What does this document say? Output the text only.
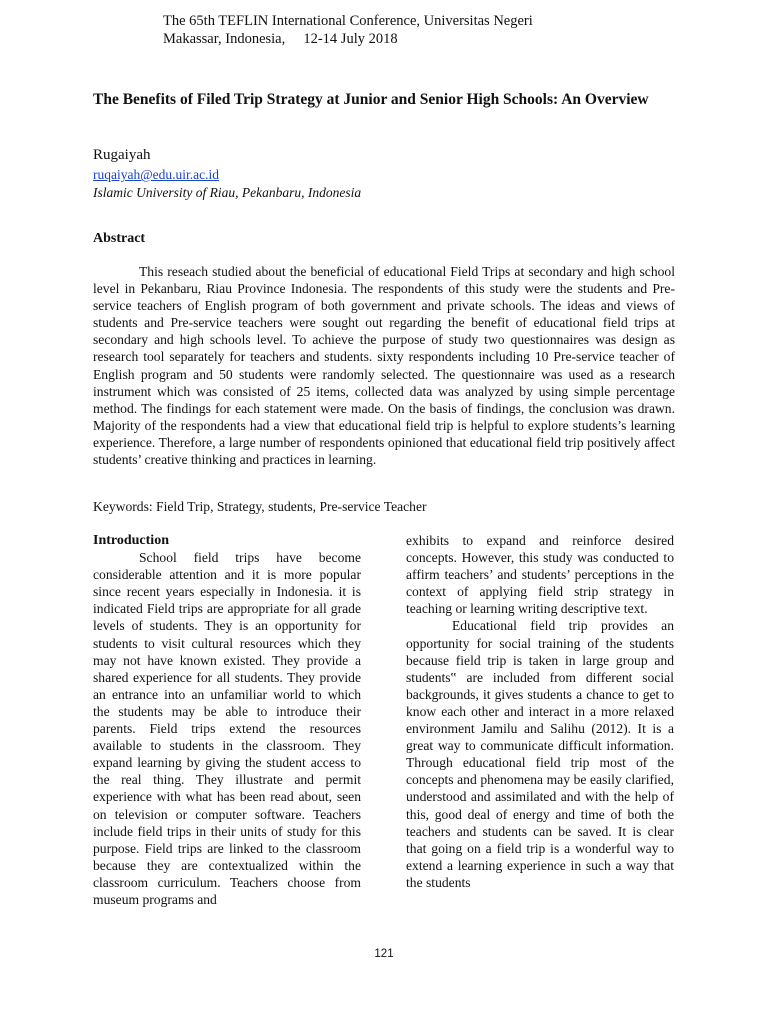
The 65th TEFLIN International Conference, Universitas Negeri
Makassar, Indonesia,     12-14 July 2018
The Benefits of Filed Trip Strategy at Junior and Senior High Schools: An Overview
Rugaiyah
ruqaiyah@edu.uir.ac.id
Islamic University of Riau, Pekanbaru, Indonesia
Abstract

This reseach studied about the beneficial of educational Field Trips at secondary and high school level in Pekanbaru, Riau Province Indonesia. The respondents of this study were the students and Pre-service teachers of English program of both government and private schools. The ideas and views of students and Pre-service teachers were sought out regarding the benefit of educational field trips at secondary and high schools level. To achieve the purpose of study two questionnaires was design as research tool separately for teachers and students. sixty respondents including 10 Pre-service teacher of English program and 50 students were randomly selected. The questionnaire was used as a research instrument which was consisted of 25 items, collected data was analyzed by using simple percentage method. The findings for each statement were made. On the basis of findings, the conclusion was drawn. Majority of the respondents had a view that educational field trip is helpful to explore students’s learning experience. Therefore, a large number of respondents opinioned that educational field trip positively affect students’ creative thinking and practices in learning.

Keywords: Field Trip, Strategy, students, Pre-service Teacher
Introduction

School field trips have become considerable attention and it is more popular since recent years especially in Indonesia. it is indicated Field trips are appropriate for all grade levels of students. They is an opportunity for students to visit cultural resources which they may not have known existed. They provide a shared experience for all students. They provide an entrance into an unfamiliar world to which the students may be able to introduce their parents. Field trips extend the resources available to students in the classroom. They expand learning by giving the student access to the real thing. They illustrate and permit experience with what has been read about, seen on television or computer software. Teachers include field trips in their units of study for this purpose. Field trips are linked to the classroom because they are contextualized within the classroom curriculum. Teachers choose from museum programs and

exhibits to expand and reinforce desired concepts. However, this study was conducted to affirm teachers’ and students’ perceptions in the context of applying field strip strategy in teaching or learning writing descriptive text.

Educational field trip provides an opportunity for social training of the students because field trip is taken in large group and students‟ are included from different social backgrounds, it gives students a chance to get to know each other and interact in a more relaxed environment Jamilu and Salihu (2012). It is a great way to communicate difficult information. Through educational field trip most of the concepts and phenomena may be easily clarified, understood and assimilated and with the help of this, good deal of energy and time of both the teachers and students can be saved. It is clear that going on a field trip is a wonderful way to extend a learning experience in such a way that the students

121
